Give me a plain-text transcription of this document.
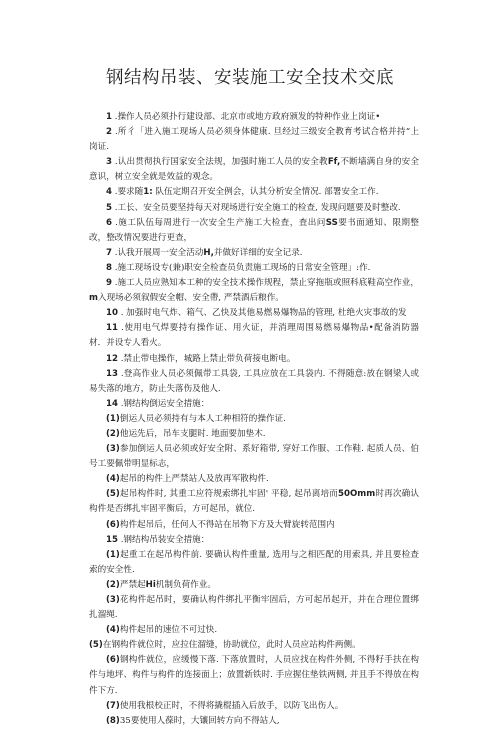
钢结构吊装、安装施工安全技术交底
1 .操作人员必须扑行建设部、北京市或地方政府颁发的特种作业上岗证•
2 .所彳「进入施工现场人员必须身体健康. 旦经过三级安全教育考试合格并持“上岗证.
3 .认出贯彻执行国家安全法规，加强时施工人员的安全教Ff,不断墙满自身的安全意识，树立安全就是效益的观念。
4 .要求随1: 队伍定期召开安全例会，认其分析安全情况. 部署安全工作.
5 .工长、安全员要坚持每天对现场进行安全施工的检查, 发现问题要及时整改.
6 .施工队伍每周进行一次安全生产施工大检査，査出问SS要书面通知、限期整改，整改情况要进行更查，
7 .认我开展周一安全活动H,并做好详细的安全记录.
8 .施工现场设专(兼)职安全检查员负责施工现场的日常安全管理」:作.
9 .施工人员应熟知本工种的安全技术操作规程，禁止穿拖瓶或照科底鞋高空作业，m入现场必须叙假安全帽、安全帶, 严禁酒后粮作。
10 . 加强时电气炸、箱气、乙快及其他易燃易爆物品的管理, 杜绝火灾事故的发
11 .使用电气焊要持有操作证、用火证，并消理周围易燃易爆物品•配备消防器材．并设专人看火。
12 .禁止带电操作，城路上禁止带负荷接电断电。
13 .登高作业人员必须佩带工具袋, 工具应放在工具袋内. 不得随意:放在钢梁人或易失落的地方，防止失落伤及他人.
14 .钢结构倒运安全措施：
(1)倒运人员必须持有与本人工种相符的操作证.
(2)他运先后，吊车支腿时. 地面要加垫木.
(3)参加倒运人员必须或好安全附、系好箱带, 穿好工作服、工作鞋. 起质人员、伯号工要佩带明显标志，
(4)起吊的构件上严禁站人及放再军散构件.
(5)起吊构件时, 其重工应符规索绑扎牢固' 平稳, 起吊离培而50Omm时再次确认构件是否绑扎牢固平衡后，方可起吊，就位.
(6)构件起吊后，任何人不得站在吊物下方及大臂旋转范围内
15 .钢结构吊装安全措施：
(1)起重工在起吊构件前. 要确认构件重量, 选用与之相匹配的用索具, 并且要检查索的安全性.
(2)严禁起Hi机制负荷作业。
(3)花构件起吊时，要确认构件绑扎平衡牢固后，方可起吊起开，并在合理位置绑扎溜绳.
(4)构件起吊的速位不可过快.
(5)在钢构件就位时，应拉住溜缝，协助就位，此时人员应站构件两侧。
(6)钢构件就位，应缓慢下落. 下落放置时，人员应找在构件外侧, 不得籽手扶在构件与地坪、构件与构件的连接面上；放置新铁时. 手应握住垫铁两侧, 并且手不得放在构件下方.
(7)使用我根校正时，不得将撬棍插入后放手，以防飞出伤人。
(8)35要使用人葆时，大镶回转方向不得站人,
